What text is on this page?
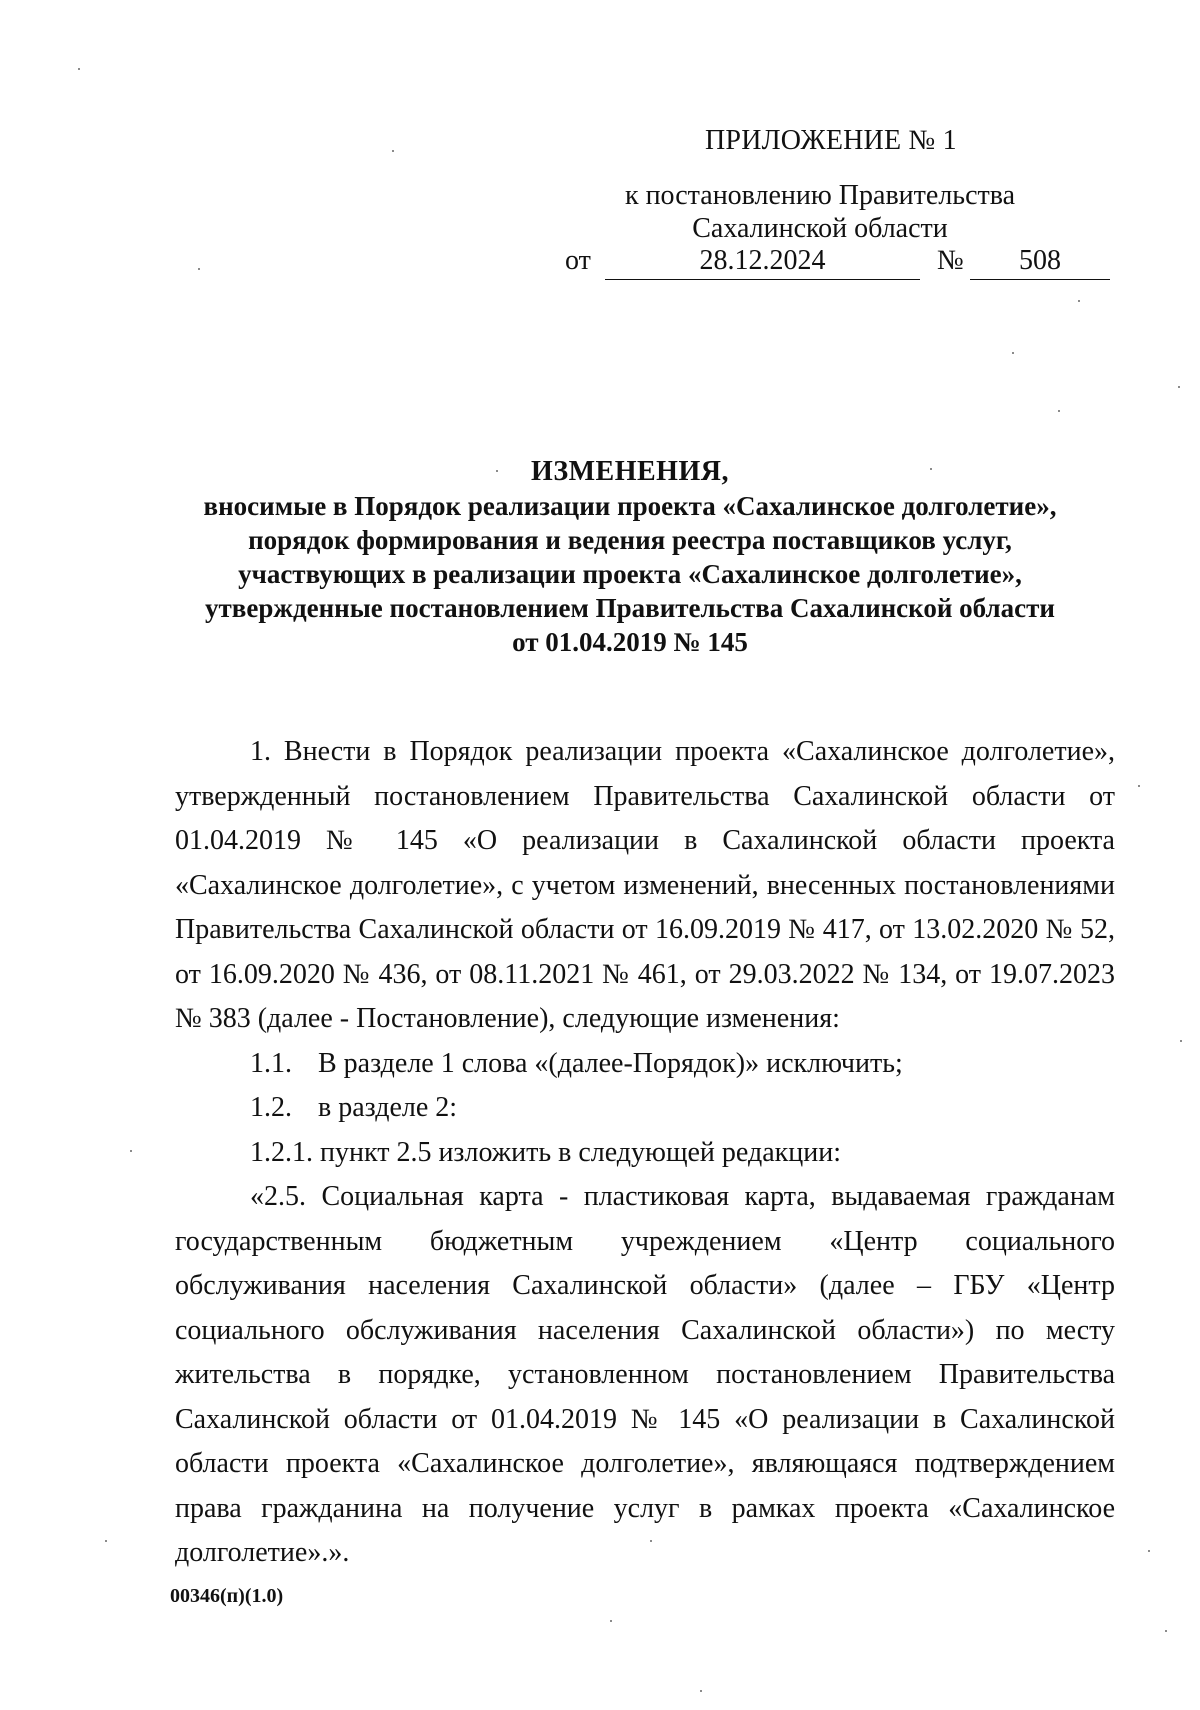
ПРИЛОЖЕНИЕ № 1
к постановлению Правительства
Сахалинской области
от	28.12.2024	№	508
ИЗМЕНЕНИЯ,
вносимые в Порядок реализации проекта «Сахалинское долголетие»,
порядок формирования и ведения реестра поставщиков услуг,
участвующих в реализации проекта «Сахалинское долголетие»,
утвержденные постановлением Правительства Сахалинской области
от 01.04.2019 № 145

1. Внести в Порядок реализации проекта «Сахалинское долголетие», утвержденный постановлением Правительства Сахалинской области от 01.04.2019 № 145 «О реализации в Сахалинской области проекта «Сахалинское долголетие», с учетом изменений, внесенных постановлениями Правительства Сахалинской области от 16.09.2019 № 417, от 13.02.2020 № 52, от 16.09.2020 № 436, от 08.11.2021 № 461, от 29.03.2022 № 134, от 19.07.2023 № 383 (далее - Постановление), следующие изменения:

1.1. В разделе 1 слова «(далее-Порядок)» исключить;

1.2. в разделе 2:

1.2.1. пункт 2.5 изложить в следующей редакции:

«2.5. Социальная карта - пластиковая карта, выдаваемая гражданам государственным бюджетным учреждением «Центр социального обслуживания населения Сахалинской области» (далее – ГБУ «Центр социального обслуживания населения Сахалинской области») по месту жительства в порядке, установленном постановлением Правительства Сахалинской области от 01.04.2019 № 145 «О реализации в Сахалинской области проекта «Сахалинское долголетие», являющаяся подтверждением права гражданина на получение услуг в рамках проекта «Сахалинское долголетие».».

00346(п)(1.0)
